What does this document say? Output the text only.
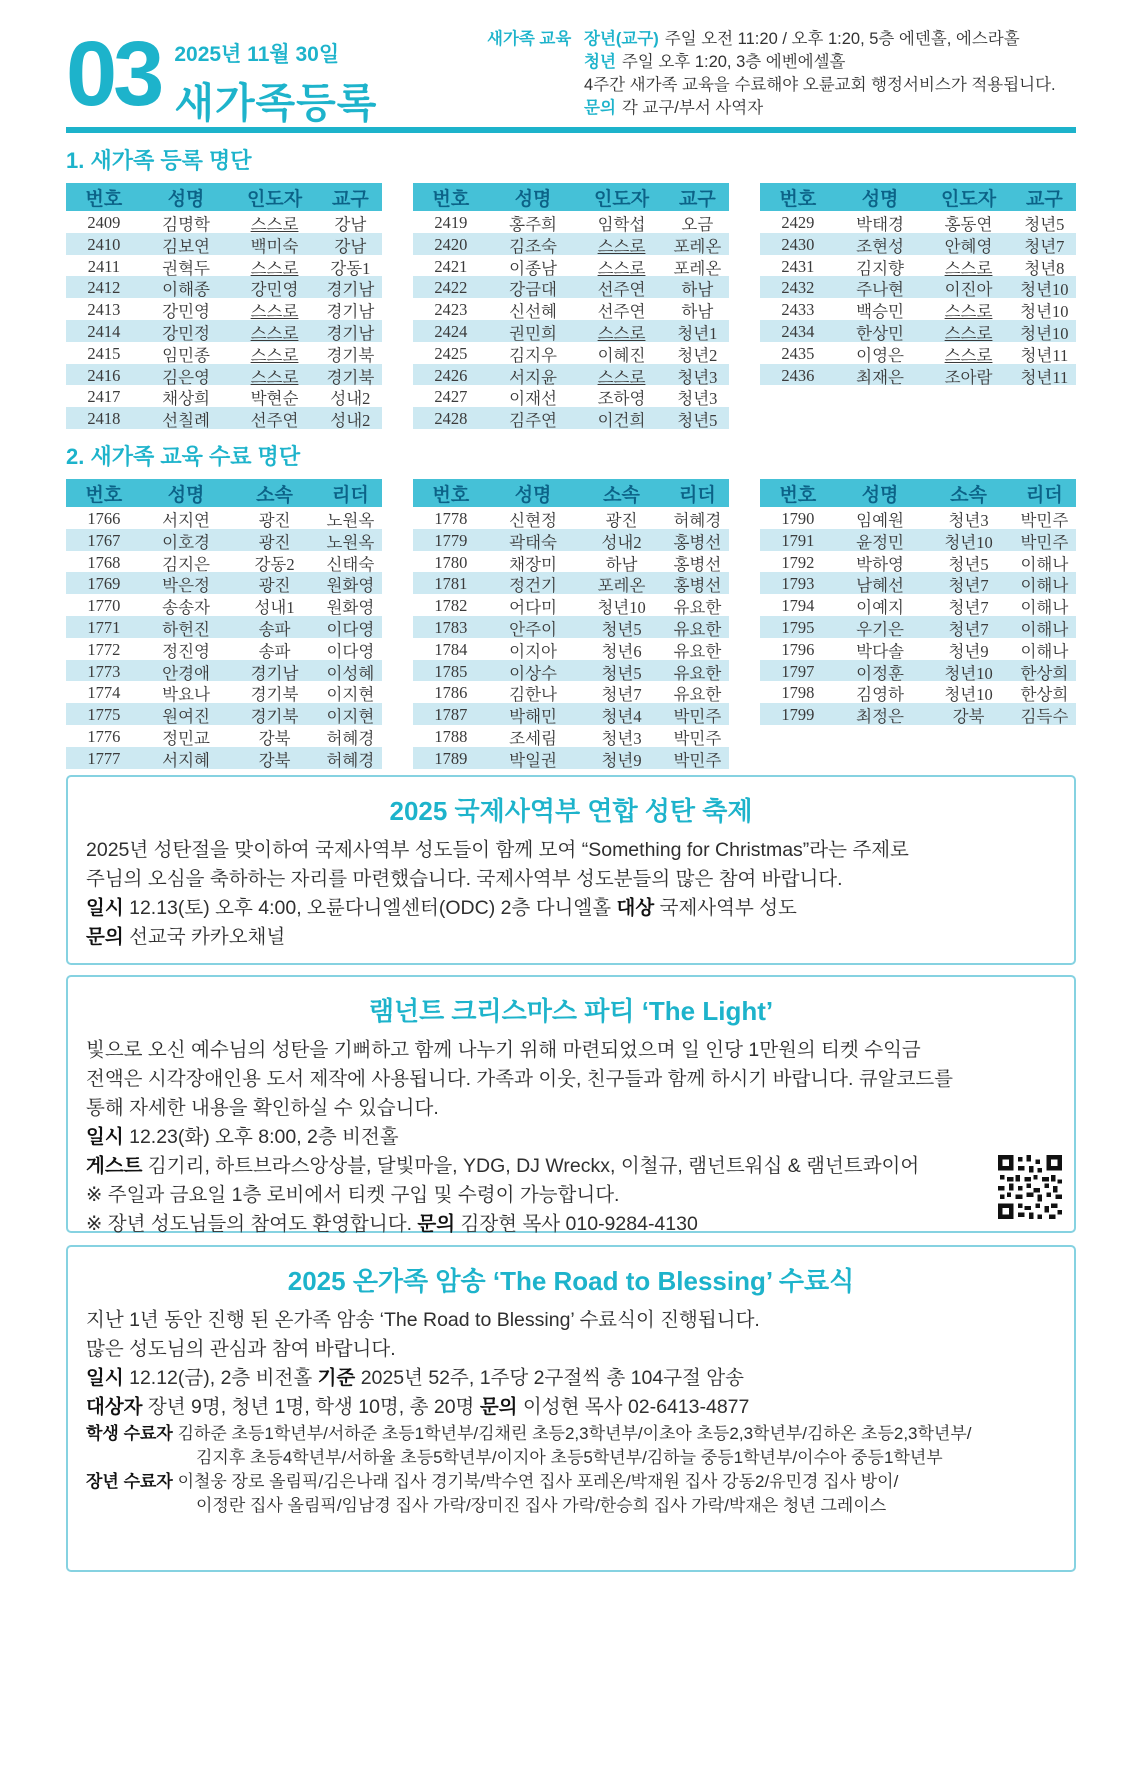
03 2025년 11월 30일
새가족등록
새가족 교육 장년(교구) 주일 오전 11:20 / 오후 1:20, 5층 에덴홀, 에스라홀
청년 주일 오후 1:20, 3층 에벤에셀홀
4주간 새가족 교육을 수료해야 오륜교회 행정서비스가 적용됩니다.
문의 각 교구/부서 사역자
1. 새가족 등록 명단
번호	성명	인도자	교구
2409	김명학	스스로	강남
2410	김보연	백미숙	강남
2411	권혁두	스스로	강동1
2412	이해종	강민영	경기남
2413	강민영	스스로	경기남
2414	강민정	스스로	경기남
2415	임민종	스스로	경기북
2416	김은영	스스로	경기북
2417	채상희	박현순	성내2
2418	선칠례	선주연	성내2
번호	성명	인도자	교구
2419	홍주희	임학섭	오금
2420	김조숙	스스로	포레온
2421	이종남	스스로	포레온
2422	강금대	선주연	하남
2423	신선혜	선주연	하남
2424	권민희	스스로	청년1
2425	김지우	이혜진	청년2
2426	서지윤	스스로	청년3
2427	이재선	조하영	청년3
2428	김주연	이건희	청년5
번호	성명	인도자	교구
2429	박태경	홍동연	청년5
2430	조현성	안혜영	청년7
2431	김지향	스스로	청년8
2432	주나현	이진아	청년10
2433	백승민	스스로	청년10
2434	한상민	스스로	청년10
2435	이영은	스스로	청년11
2436	최재은	조아람	청년11
2. 새가족 교육 수료 명단
번호	성명	소속	리더
1766	서지연	광진	노원옥
1767	이호경	광진	노원옥
1768	김지은	강동2	신태숙
1769	박은정	광진	원화영
1770	송송자	성내1	원화영
1771	하헌진	송파	이다영
1772	정진영	송파	이다영
1773	안경애	경기남	이성혜
1774	박요나	경기북	이지현
1775	원여진	경기북	이지현
1776	정민교	강북	허혜경
1777	서지혜	강북	허혜경
번호	성명	소속	리더
1778	신현정	광진	허혜경
1779	곽태숙	성내2	홍병선
1780	채장미	하남	홍병선
1781	정건기	포레온	홍병선
1782	어다미	청년10	유요한
1783	안주이	청년5	유요한
1784	이지아	청년6	유요한
1785	이상수	청년5	유요한
1786	김한나	청년7	유요한
1787	박해민	청년4	박민주
1788	조세림	청년3	박민주
1789	박일권	청년9	박민주
번호	성명	소속	리더
1790	임예원	청년3	박민주
1791	윤정민	청년10	박민주
1792	박하영	청년5	이해나
1793	남혜선	청년7	이해나
1794	이예지	청년7	이해나
1795	우기은	청년7	이해나
1796	박다솔	청년9	이해나
1797	이정훈	청년10	한상희
1798	김영하	청년10	한상희
1799	최정은	강북	김득수
2025 국제사역부 연합 성탄 축제

2025년 성탄절을 맞이하여 국제사역부 성도들이 함께 모여 “Something for Christmas”라는 주제로

주님의 오심을 축하하는 자리를 마련했습니다. 국제사역부 성도분들의 많은 참여 바랍니다.

일시 12.13(토) 오후 4:00, 오륜다니엘센터(ODC) 2층 다니엘홀 대상 국제사역부 성도

문의 선교국 카카오채널

램넌트 크리스마스 파티 ‘The Light’

빛으로 오신 예수님의 성탄을 기뻐하고 함께 나누기 위해 마련되었으며 일 인당 1만원의 티켓 수익금

전액은 시각장애인용 도서 제작에 사용됩니다. 가족과 이웃, 친구들과 함께 하시기 바랍니다. 큐알코드를

통해 자세한 내용을 확인하실 수 있습니다.

일시 12.23(화) 오후 8:00, 2층 비전홀

게스트 김기리, 하트브라스앙상블, 달빛마을, YDG, DJ Wreckx, 이철규, 램넌트워십 & 램넌트콰이어

※ 주일과 금요일 1층 로비에서 티켓 구입 및 수령이 가능합니다.

※ 장년 성도님들의 참여도 환영합니다. 문의 김장현 목사 010-9284-4130

2025 온가족 암송 ‘The Road to Blessing’ 수료식

지난 1년 동안 진행 된 온가족 암송 ‘The Road to Blessing’ 수료식이 진행됩니다.

많은 성도님의 관심과 참여 바랍니다.

일시 12.12(금), 2층 비전홀 기준 2025년 52주, 1주당 2구절씩 총 104구절 암송

대상자 장년 9명, 청년 1명, 학생 10명, 총 20명 문의 이성현 목사 02-6413-4877

학생 수료자 김하준 초등1학년부/서하준 초등1학년부/김채린 초등2,3학년부/이초아 초등2,3학년부/김하온 초등2,3학년부/

김지후 초등4학년부/서하율 초등5학년부/이지아 초등5학년부/김하늘 중등1학년부/이수아 중등1학년부

장년 수료자 이철웅 장로 올림픽/김은나래 집사 경기북/박수연 집사 포레온/박재원 집사 강동2/유민경 집사 방이/

이정란 집사 올림픽/임남경 집사 가락/장미진 집사 가락/한승희 집사 가락/박재은 청년 그레이스
